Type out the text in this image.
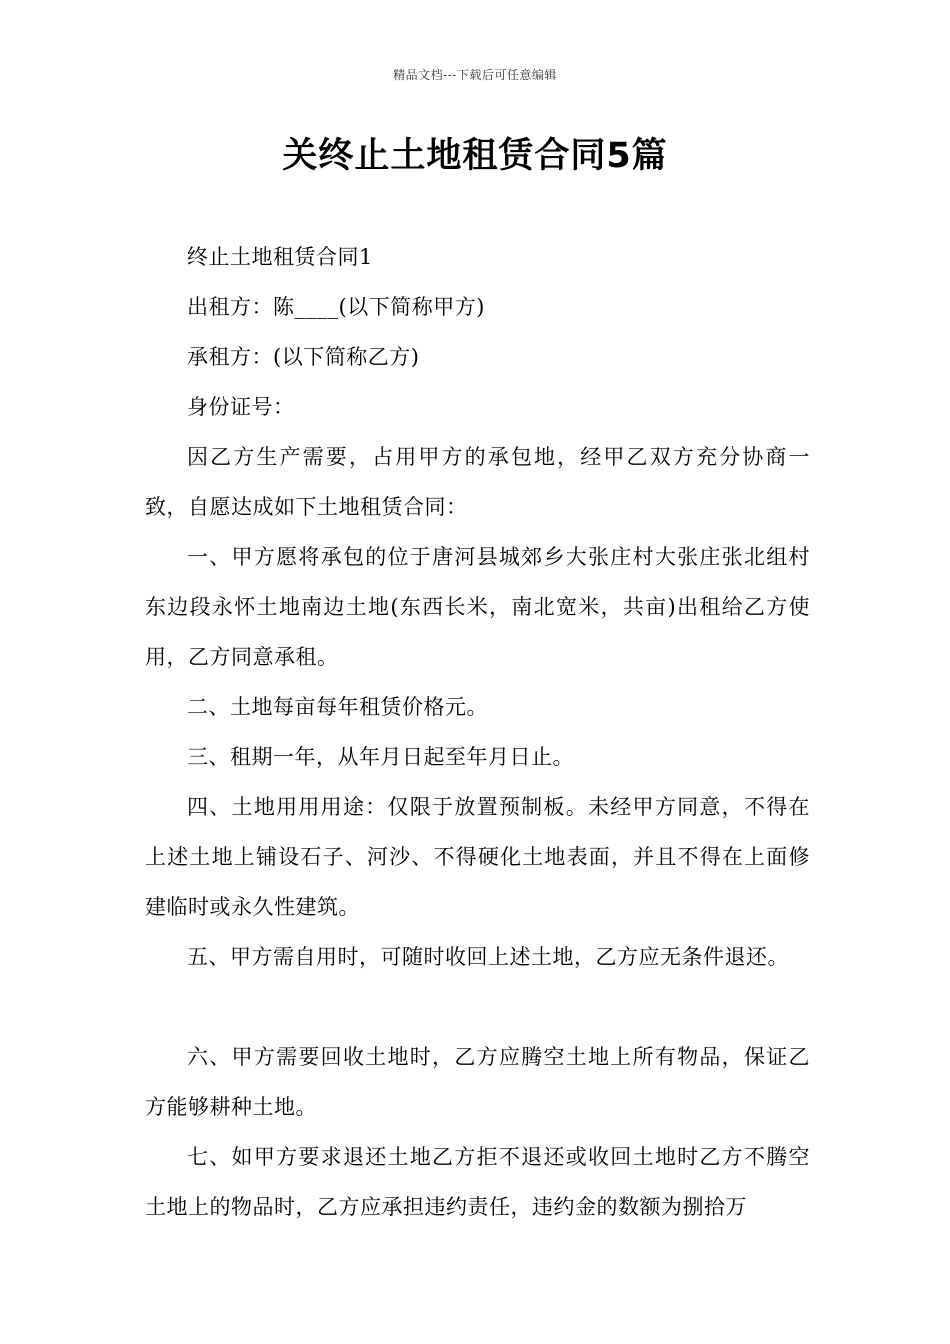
精品文档---下载后可任意编辑
关终止土地租赁合同5篇

终止土地租赁合同1

出租方：陈____(以下简称甲方)

承租方：(以下简称乙方)

身份证号：

因乙方生产需要，占用甲方的承包地，经甲乙双方充分协商一致，自愿达成如下土地租赁合同：

一、甲方愿将承包的位于唐河县城郊乡大张庄村大张庄张北组村东边段永怀土地南边土地(东西长米，南北宽米，共亩)出租给乙方使用，乙方同意承租。

二、土地每亩每年租赁价格元。

三、租期一年，从年月日起至年月日止。

四、土地用用用途：仅限于放置预制板。未经甲方同意，不得在上述土地上铺设石子、河沙、不得硬化土地表面，并且不得在上面修建临时或永久性建筑。

五、甲方需自用时，可随时收回上述土地，乙方应无条件退还。

六、甲方需要回收土地时，乙方应腾空土地上所有物品，保证乙方能够耕种土地。

七、如甲方要求退还土地乙方拒不退还或收回土地时乙方不腾空土地上的物品时，乙方应承担违约责任，违约金的数额为捌拾万
